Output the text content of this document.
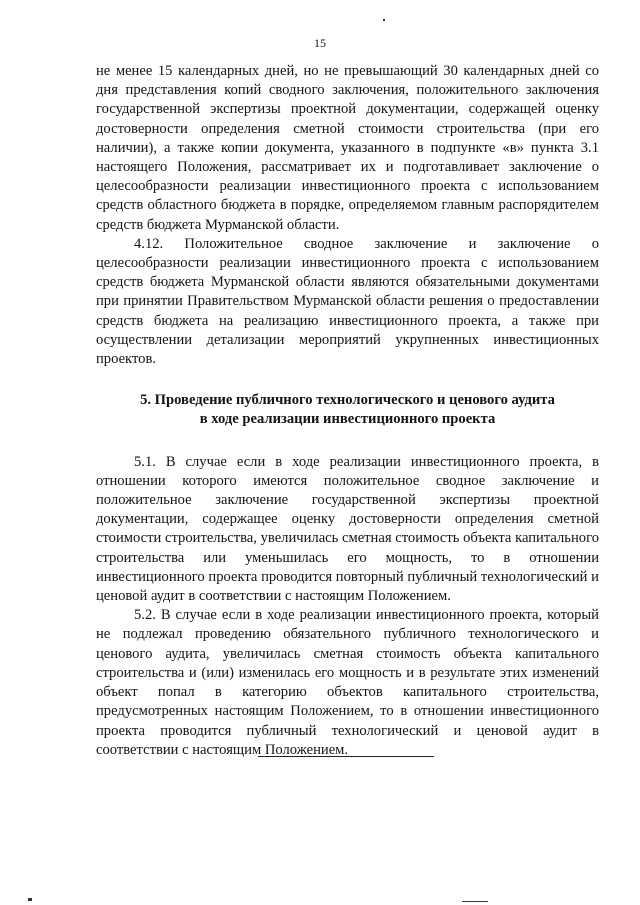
15

не менее 15 календарных дней, но не превышающий 30 календарных дней со дня представления копий сводного заключения, положительного заключения государственной экспертизы проектной документации, содержащей оценку достоверности определения сметной стоимости строительства (при его наличии), а также копии документа, указанного в подпункте «в» пункта 3.1 настоящего Положения, рассматривает их и подготавливает заключение о целесообразности реализации инвестиционного проекта с использованием средств областного бюджета в порядке, определяемом главным распорядителем средств бюджета Мурманской области.

4.12. Положительное сводное заключение и заключение о целесообразности реализации инвестиционного проекта с использованием средств бюджета Мурманской области являются обязательными документами при принятии Правительством Мурманской области решения о предоставлении средств бюджета на реализацию инвестиционного проекта, а также при осуществлении детализации мероприятий укрупненных инвестиционных проектов.

5. Проведение публичного технологического и ценового аудита
в ходе реализации инвестиционного проекта

5.1. В случае если в ходе реализации инвестиционного проекта, в отношении которого имеются положительное сводное заключение и положительное заключение государственной экспертизы проектной документации, содержащее оценку достоверности определения сметной стоимости строительства, увеличилась сметная стоимость объекта капитального строительства или уменьшилась его мощность, то в отношении инвестиционного проекта проводится повторный публичный технологический и ценовой аудит в соответствии с настоящим Положением.

5.2. В случае если в ходе реализации инвестиционного проекта, который не подлежал проведению обязательного публичного технологического и ценового аудита, увеличилась сметная стоимость объекта капитального строительства и (или) изменилась его мощность и в результате этих изменений объект попал в категорию объектов капитального строительства, предусмотренных настоящим Положением, то в отношении инвестиционного проекта проводится публичный технологический и ценовой аудит в соответствии с настоящим Положением.
